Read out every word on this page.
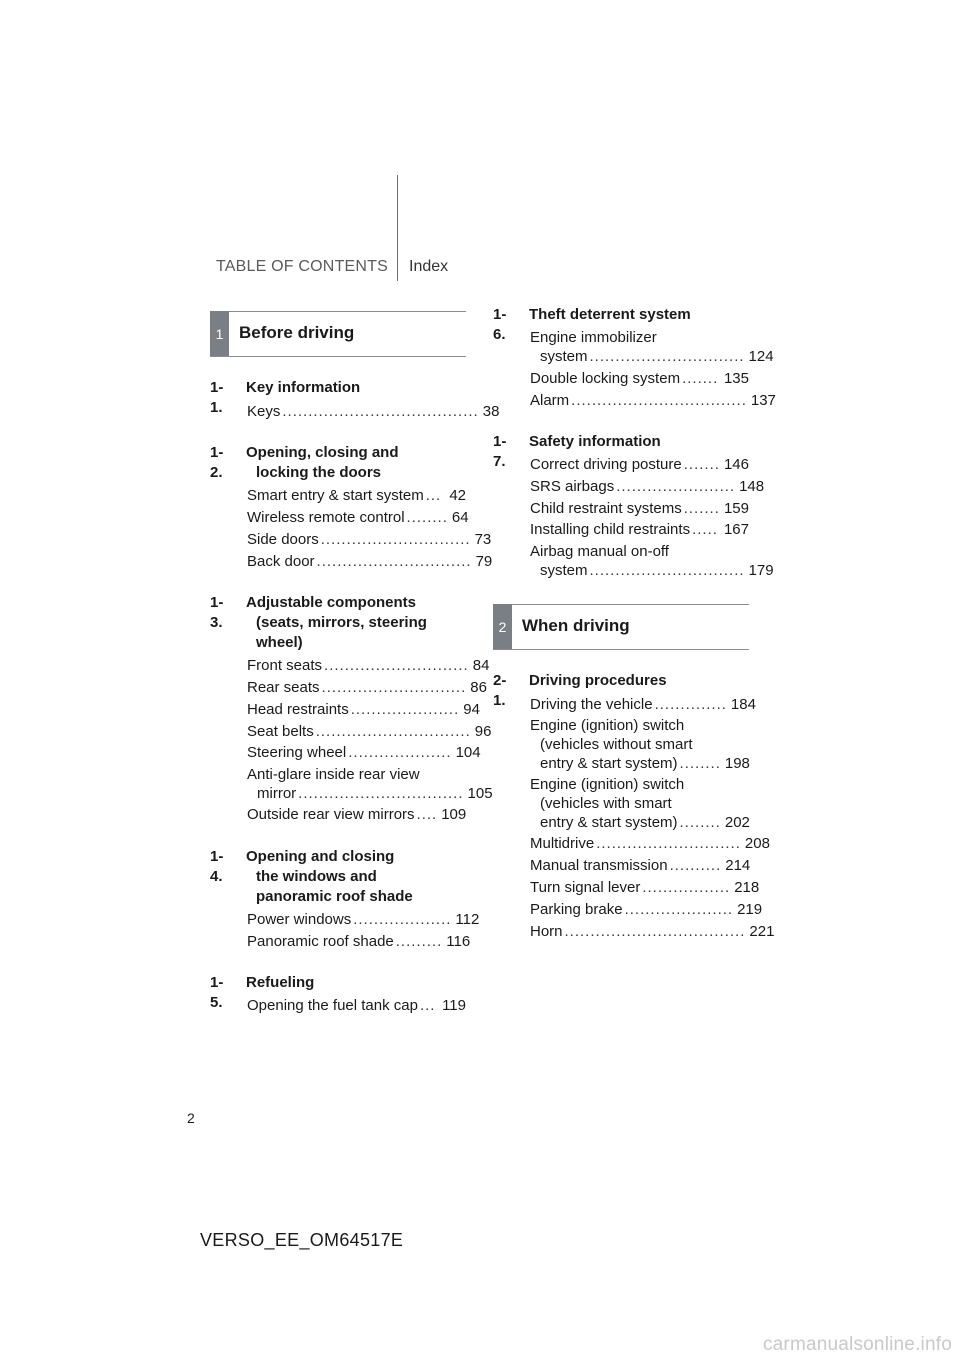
TABLE OF CONTENTS Index
1 Before driving
2 When driving
1-1.
Key information
1-2.
Opening, closing and
locking the doors
1-3.
Adjustable components
(seats, mirrors, steering
wheel)
1-4.
Opening and closing
the windows and
panoramic roof shade
1-5.
Refueling
1-6.
Theft deterrent system
1-7.
Safety information
2-1.
Driving procedures
Keys ...................................... 38
Smart entry & start system ... 42
Wireless remote control ........ 64
Side doors ............................. 73
Back door .............................. 79
Front seats ............................ 84
Rear seats ............................ 86
Head restraints ..................... 94
Seat belts .............................. 96
Steering wheel .................... 104
Anti-glare inside rear view
mirror ................................ 105
Outside rear view mirrors .... 109
Power windows ................... 112
Panoramic roof shade ......... 116
Opening the fuel tank cap ... 119
Engine immobilizer
system .............................. 124
Double locking system ....... 135
Alarm .................................. 137
Correct driving posture ....... 146
SRS airbags ....................... 148
Child restraint systems ....... 159
Installing child restraints ..... 167
Airbag manual on-off
system .............................. 179
Driving the vehicle .............. 184
Engine (ignition) switch
(vehicles without smart
entry & start system) ........ 198
Engine (ignition) switch
(vehicles with smart
entry & start system) ........ 202
Multidrive ............................ 208
Manual transmission .......... 214
Turn signal lever ................. 218
Parking brake ..................... 219
Horn ................................... 221
2
VERSO_EE_OM64517E
carmanualsonline.info
